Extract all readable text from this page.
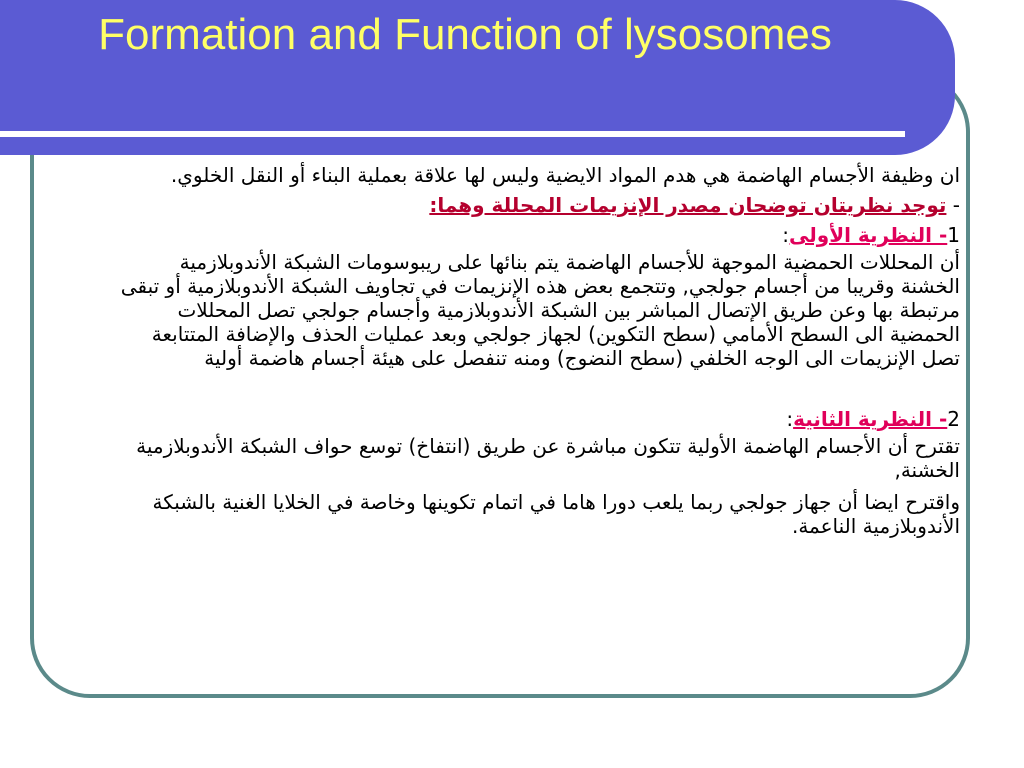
Formation and Function of lysosomes

ان وظيفة الأجسام الهاضمة هي هدم المواد الايضية وليس لها علاقة بعملية البناء أو النقل الخلوي.

- توجد نظريتان توضحان مصدر الإنزيمات المحللة وهما:

1- النظرية الأولى:

أن المحللات الحمضية الموجهة للأجسام الهاضمة يتم بنائها على ريبوسومات الشبكة الأندوبلازمية الخشنة وقريبا من أجسام جولجي, وتتجمع بعض هذه الإنزيمات في تجاويف الشبكة الأندوبلازمية أو تبقى مرتبطة بها وعن طريق الإتصال المباشر بين الشبكة الأندوبلازمية وأجسام جولجي تصل المحللات الحمضية الى السطح الأمامي (سطح التكوين) لجهاز جولجي وبعد عمليات الحذف والإضافة المتتابعة تصل الإنزيمات الى الوجه الخلفي (سطح النضوج) ومنه تنفصل على هيئة أجسام هاضمة أولية

2- النظرية الثانية:

تقترح أن الأجسام الهاضمة الأولية تتكون مباشرة عن طريق (انتفاخ) توسع حواف الشبكة الأندوبلازمية الخشنة,

واقترح ايضا أن جهاز جولجي ربما يلعب دورا هاما في اتمام تكوينها وخاصة في الخلايا الغنية بالشبكة الأندوبلازمية الناعمة.
